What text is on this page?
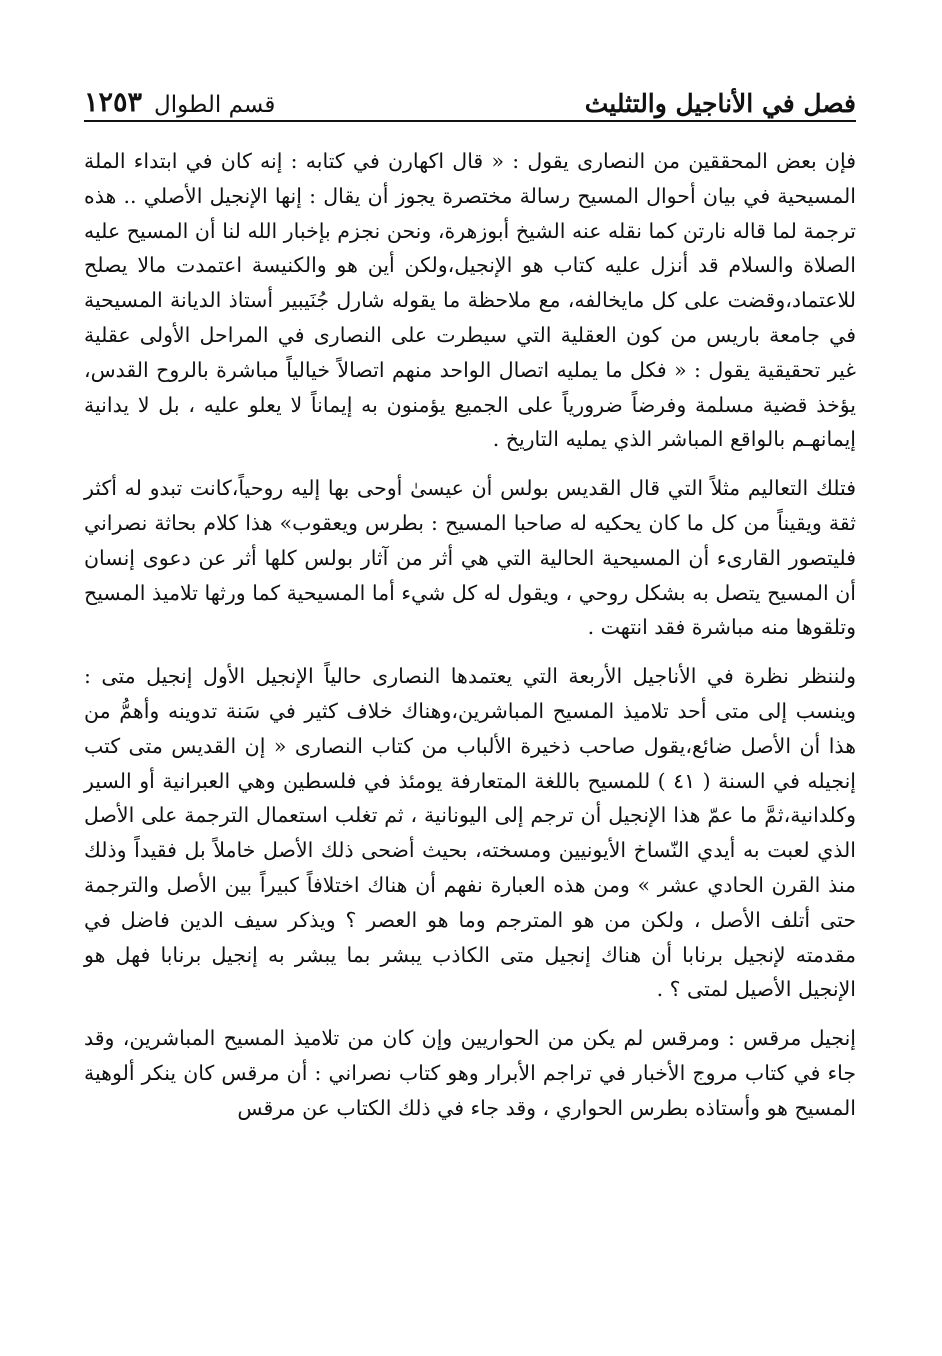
فصل في الأناجيل والتثليث
قسم الطوال
١٢٥٣

فإن بعض المحققين من النصارى يقول : « قال اكهارن في كتابه : إنه كان في ابتداء الملة المسيحية في بيان أحوال المسيح رسالة مختصرة يجوز أن يقال : إنها الإنجيل الأصلي .. هذه ترجمة لما قاله نارتن كما نقله عنه الشيخ أبوزهرة، ونحن نجزم بإخبار الله لنا أن المسيح عليه الصلاة والسلام قد أنزل عليه كتاب هو الإنجيل،ولكن أين هو والكنيسة اعتمدت مالا يصلح للاعتماد،وقضت على كل مايخالفه، مع ملاحظة ما يقوله شارل جُنَيبير أستاذ الديانة المسيحية في جامعة باريس من كون العقلية التي سيطرت على النصارى في المراحل الأولى عقلية غير تحقيقية يقول : « فكل ما يمليه اتصال الواحد منهم اتصالاً خيالياً مباشرة بالروح القدس، يؤخذ قضية مسلمة وفرضاً ضرورياً على الجميع يؤمنون به إيماناً لا يعلو عليه ، بل لا يدانية إيمانهـم بالواقع المباشر الذي يمليه التاريخ .

فتلك التعاليم مثلاً التي قال القديس بولس أن عيسىٰ أوحى بها إليه روحياً،كانت تبدو له أكثر ثقة ويقيناً من كل ما كان يحكيه له صاحبا المسيح : بطرس ويعقوب» هذا كلام بحاثة نصراني فليتصور القارىء أن المسيحية الحالية التي هي أثر من آثار بولس كلها أثر عن دعوى إنسان أن المسيح يتصل به بشكل روحي ، ويقول له كل شيء أما المسيحية كما ورثها تلاميذ المسيح وتلقوها منه مباشرة فقد انتهت .

ولننظر نظرة في الأناجيل الأربعة التي يعتمدها النصارى حالياً الإنجيل الأول إنجيل متى : وينسب إلى متى أحد تلاميذ المسيح المباشرين،وهناك خلاف كثير في سَنة تدوينه وأهمُّ من هذا أن الأصل ضائع،يقول صاحب ذخيرة الألباب من كتاب النصارى « إن القديس متى كتب إنجيله في السنة ( ٤١ ) للمسيح باللغة المتعارفة يومئذ في فلسطين وهي العبرانية أو السير وكلدانية،ثمَّ ما عمّ هذا الإنجيل أن ترجم إلى اليونانية ، ثم تغلب استعمال الترجمة على الأصل الذي لعبت به أيدي النّساخ الأيونيين ومسخته، بحيث أضحى ذلك الأصل خاملاً بل فقيداً وذلك منذ القرن الحادي عشر » ومن هذه العبارة نفهم أن هناك اختلافاً كبيراً بين الأصل والترجمة حتى أتلف الأصل ، ولكن من هو المترجم وما هو العصر ؟ ويذكر سيف الدين فاضل في مقدمته لإنجيل برنابا أن هناك إنجيل متى الكاذب يبشر بما يبشر به إنجيل برنابا فهل هو الإنجيل الأصيل لمتى ؟ .

إنجيل مرقس : ومرقس لم يكن من الحواريين وإن كان من تلاميذ المسيح المباشرين، وقد جاء في كتاب مروج الأخبار في تراجم الأبرار وهو كتاب نصراني : أن مرقس كان ينكر ألوهية المسيح هو وأستاذه بطرس الحواري ، وقد جاء في ذلك الكتاب عن مرقس
